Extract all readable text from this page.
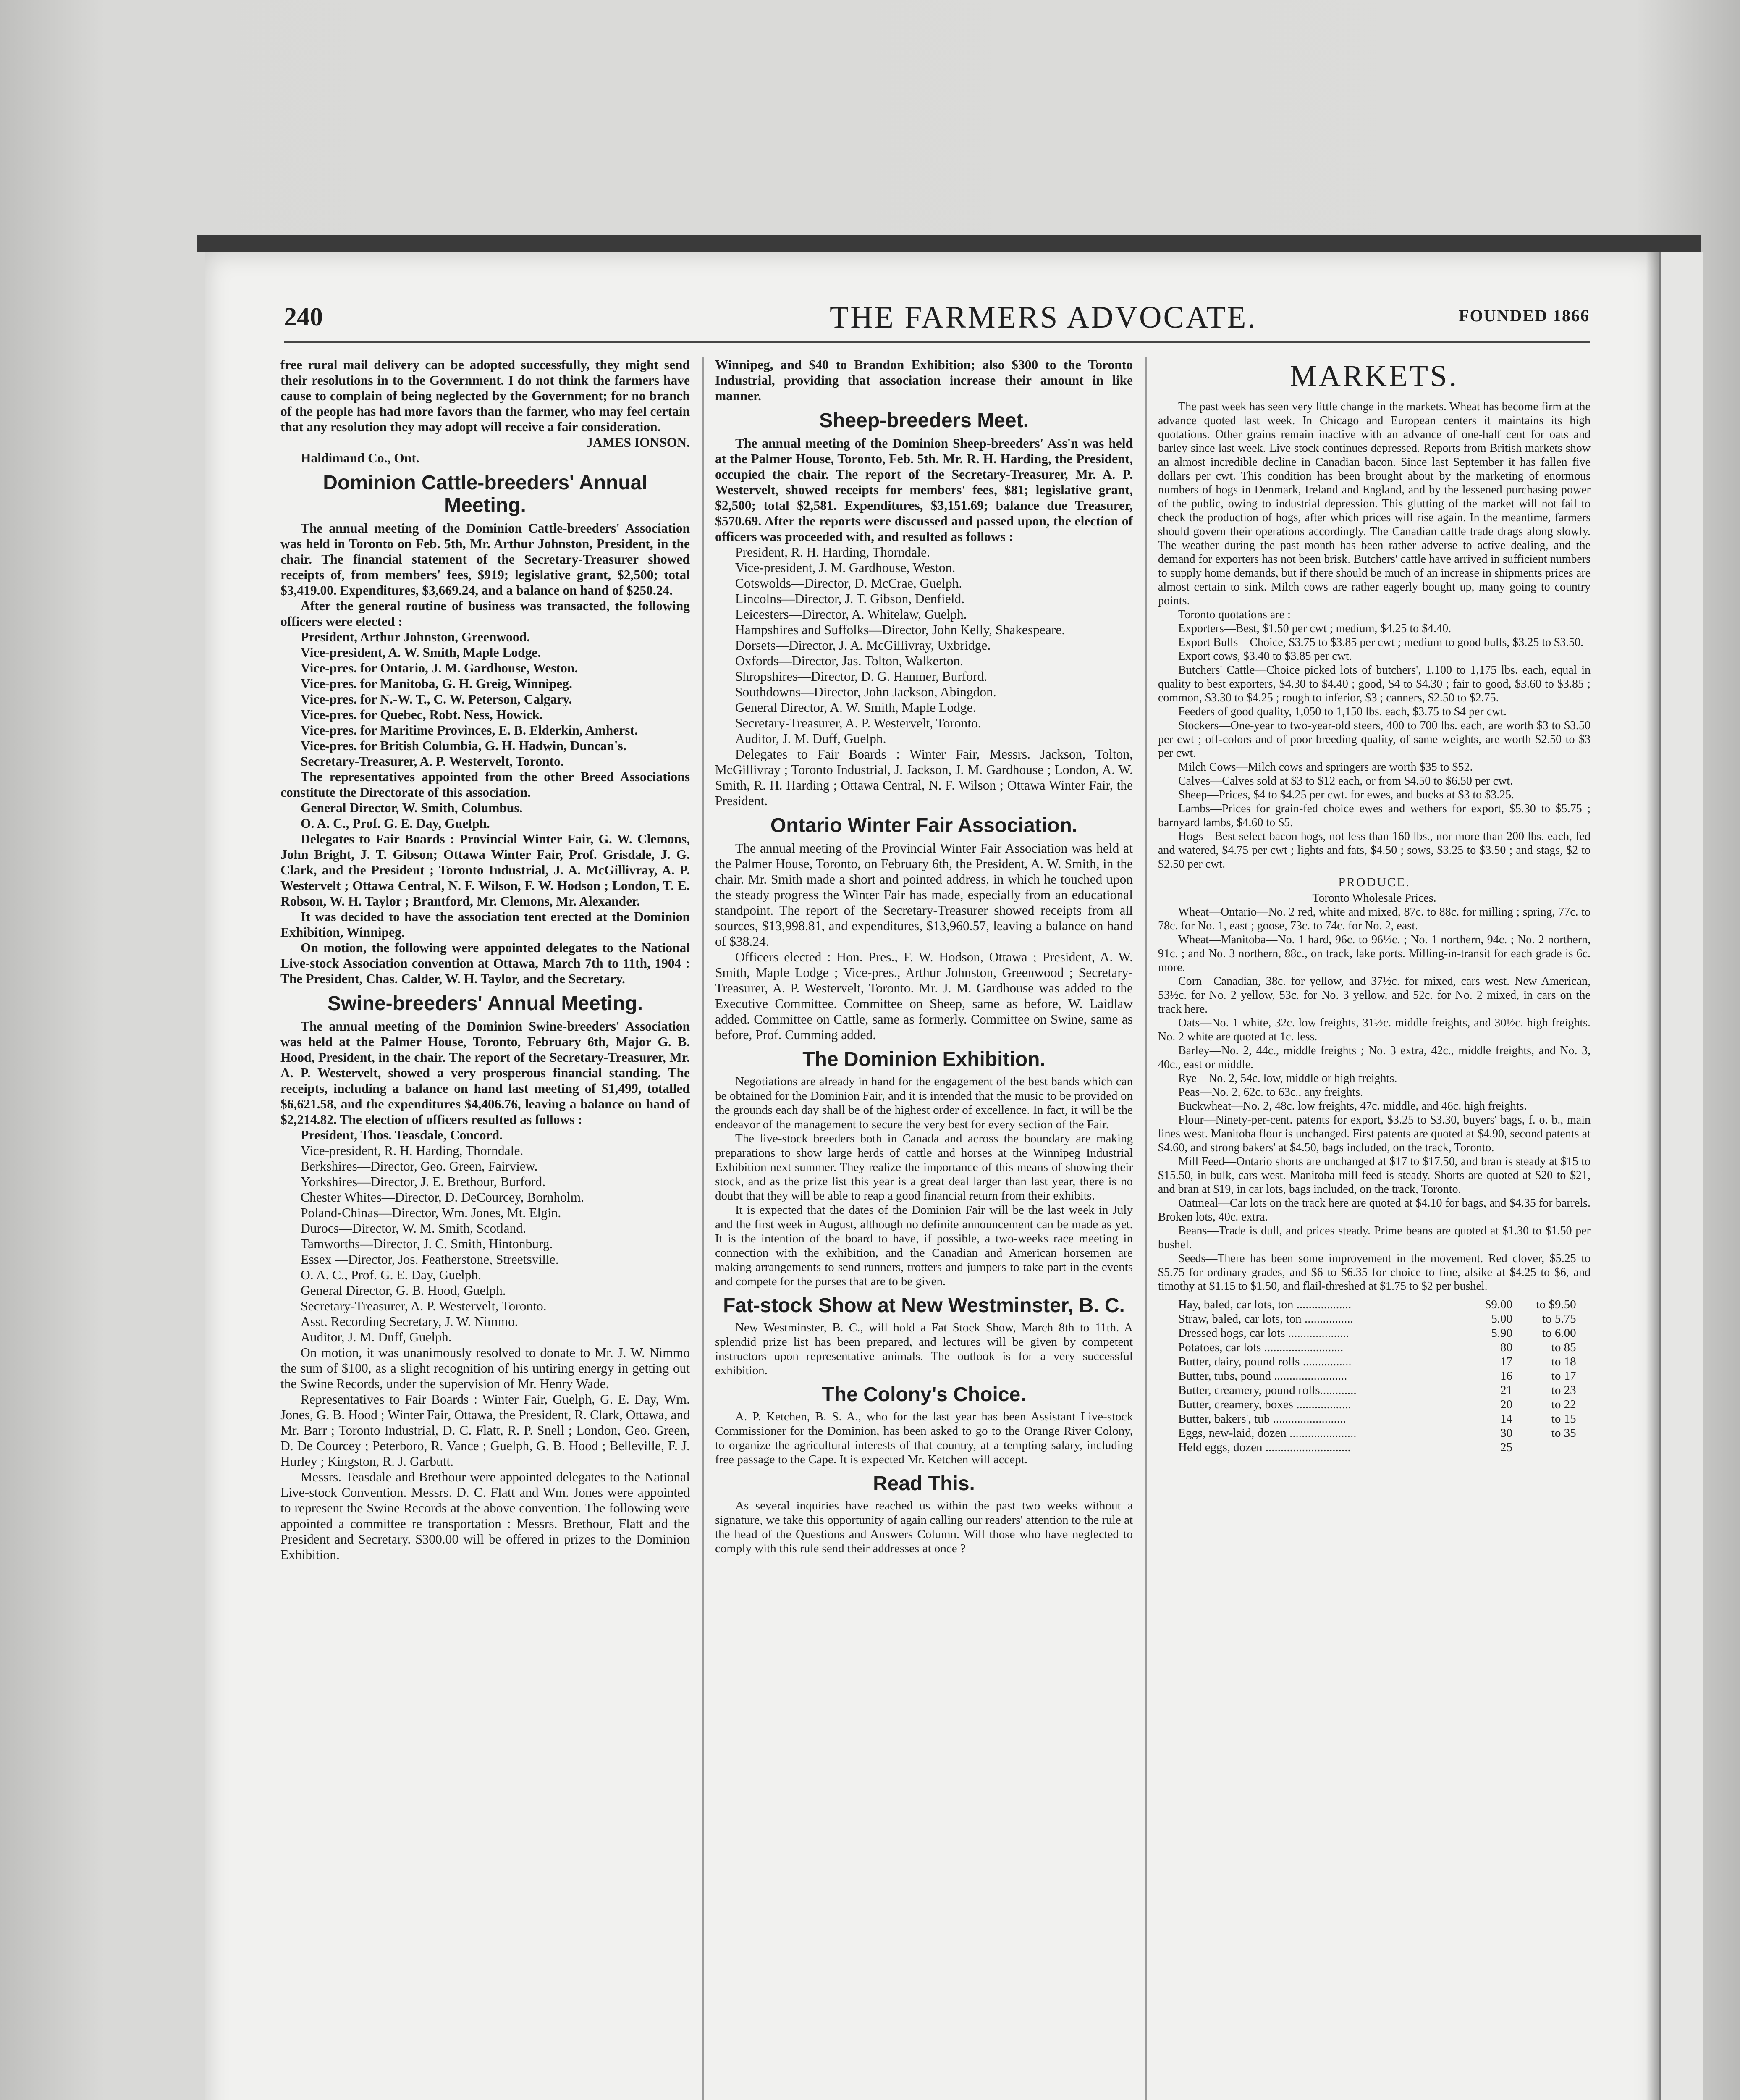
240	THE FARMERS ADVOCATE.	FOUNDED 1866

free rural mail delivery can be adopted successfully, they might send their resolutions in to the Government. I do not think the farmers have cause to complain of being neglected by the Government; for no branch of the people has had more favors than the farmer, who may feel certain that any resolution they may adopt will receive a fair consideration.

JAMES IONSON.

Haldimand Co., Ont.

Dominion Cattle-breeders' Annual Meeting.

The annual meeting of the Dominion Cattle-breeders' Association was held in Toronto on Feb. 5th, Mr. Arthur Johnston, President, in the chair. The financial statement of the Secretary-Treasurer showed receipts of, from members' fees, $919; legislative grant, $2,500; total $3,419.00. Expenditures, $3,669.24, and a balance on hand of $250.24.

After the general routine of business was transacted, the following officers were elected :

President, Arthur Johnston, Greenwood.

Vice-president, A. W. Smith, Maple Lodge.

Vice-pres. for Ontario, J. M. Gardhouse, Weston.

Vice-pres. for Manitoba, G. H. Greig, Winnipeg.

Vice-pres. for N.-W. T., C. W. Peterson, Calgary.

Vice-pres. for Quebec, Robt. Ness, Howick.

Vice-pres. for Maritime Provinces, E. B. Elderkin, Amherst.

Vice-pres. for British Columbia, G. H. Hadwin, Duncan's.

Secretary-Treasurer, A. P. Westervelt, Toronto.

The representatives appointed from the other Breed Associations constitute the Directorate of this association.

General Director, W. Smith, Columbus.

O. A. C., Prof. G. E. Day, Guelph.

Delegates to Fair Boards : Provincial Winter Fair, G. W. Clemons, John Bright, J. T. Gibson; Ottawa Winter Fair, Prof. Grisdale, J. G. Clark, and the President ; Toronto Industrial, J. A. McGillivray, A. P. Westervelt ; Ottawa Central, N. F. Wilson, F. W. Hodson ; London, T. E. Robson, W. H. Taylor ; Brantford, Mr. Clemons, Mr. Alexander.

It was decided to have the association tent erected at the Dominion Exhibition, Winnipeg.

On motion, the following were appointed delegates to the National Live-stock Association convention at Ottawa, March 7th to 11th, 1904 : The President, Chas. Calder, W. H. Taylor, and the Secretary.

Swine-breeders' Annual Meeting.

The annual meeting of the Dominion Swine-breeders' Association was held at the Palmer House, Toronto, February 6th, Major G. B. Hood, President, in the chair. The report of the Secretary-Treasurer, Mr. A. P. Westervelt, showed a very prosperous financial standing. The receipts, including a balance on hand last meeting of $1,499, totalled $6,621.58, and the expenditures $4,406.76, leaving a balance on hand of $2,214.82. The election of officers resulted as follows :

President, Thos. Teasdale, Concord.

Vice-president, R. H. Harding, Thorndale.

Berkshires—Director, Geo. Green, Fairview.

Yorkshires—Director, J. E. Brethour, Burford.

Chester Whites—Director, D. DeCourcey, Bornholm.

Poland-Chinas—Director, Wm. Jones, Mt. Elgin.

Durocs—Director, W. M. Smith, Scotland.

Tamworths—Director, J. C. Smith, Hintonburg.

Essex —Director, Jos. Featherstone, Streetsville.

O. A. C., Prof. G. E. Day, Guelph.

General Director, G. B. Hood, Guelph.

Secretary-Treasurer, A. P. Westervelt, Toronto.

Asst. Recording Secretary, J. W. Nimmo.

Auditor, J. M. Duff, Guelph.

On motion, it was unanimously resolved to donate to Mr. J. W. Nimmo the sum of $100, as a slight recognition of his untiring energy in getting out the Swine Records, under the supervision of Mr. Henry Wade.

Representatives to Fair Boards : Winter Fair, Guelph, G. E. Day, Wm. Jones, G. B. Hood ; Winter Fair, Ottawa, the President, R. Clark, Ottawa, and Mr. Barr ; Toronto Industrial, D. C. Flatt, R. P. Snell ; London, Geo. Green, D. De Courcey ; Peterboro, R. Vance ; Guelph, G. B. Hood ; Belleville, F. J. Hurley ; Kingston, R. J. Garbutt.

Messrs. Teasdale and Brethour were appointed delegates to the National Live-stock Convention. Messrs. D. C. Flatt and Wm. Jones were appointed to represent the Swine Records at the above convention. The following were appointed a committee re transportation : Messrs. Brethour, Flatt and the President and Secretary. $300.00 will be offered in prizes to the Dominion Exhibition.

Winnipeg, and $40 to Brandon Exhibition; also $300 to the Toronto Industrial, providing that association increase their amount in like manner.

Sheep-breeders Meet.

The annual meeting of the Dominion Sheep-breeders' Ass'n was held at the Palmer House, Toronto, Feb. 5th. Mr. R. H. Harding, the President, occupied the chair. The report of the Secretary-Treasurer, Mr. A. P. Westervelt, showed receipts for members' fees, $81; legislative grant, $2,500; total $2,581. Expenditures, $3,151.69; balance due Treasurer, $570.69. After the reports were discussed and passed upon, the election of officers was proceeded with, and resulted as follows :

President, R. H. Harding, Thorndale.

Vice-president, J. M. Gardhouse, Weston.

Cotswolds—Director, D. McCrae, Guelph.

Lincolns—Director, J. T. Gibson, Denfield.

Leicesters—Director, A. Whitelaw, Guelph.

Hampshires and Suffolks—Director, John Kelly, Shakespeare.

Dorsets—Director, J. A. McGillivray, Uxbridge.

Oxfords—Director, Jas. Tolton, Walkerton.

Shropshires—Director, D. G. Hanmer, Burford.

Southdowns—Director, John Jackson, Abingdon.

General Director, A. W. Smith, Maple Lodge.

Secretary-Treasurer, A. P. Westervelt, Toronto.

Auditor, J. M. Duff, Guelph.

Delegates to Fair Boards : Winter Fair, Messrs. Jackson, Tolton, McGillivray ; Toronto Industrial, J. Jackson, J. M. Gardhouse ; London, A. W. Smith, R. H. Harding ; Ottawa Central, N. F. Wilson ; Ottawa Winter Fair, the President.

Ontario Winter Fair Association.

The annual meeting of the Provincial Winter Fair Association was held at the Palmer House, Toronto, on February 6th, the President, A. W. Smith, in the chair. Mr. Smith made a short and pointed address, in which he touched upon the steady progress the Winter Fair has made, especially from an educational standpoint. The report of the Secretary-Treasurer showed receipts from all sources, $13,998.81, and expenditures, $13,960.57, leaving a balance on hand of $38.24.

Officers elected : Hon. Pres., F. W. Hodson, Ottawa ; President, A. W. Smith, Maple Lodge ; Vice-pres., Arthur Johnston, Greenwood ; Secretary-Treasurer, A. P. Westervelt, Toronto. Mr. J. M. Gardhouse was added to the Executive Committee. Committee on Sheep, same as before, W. Laidlaw added. Committee on Cattle, same as formerly. Committee on Swine, same as before, Prof. Cumming added.

The Dominion Exhibition.

Negotiations are already in hand for the engagement of the best bands which can be obtained for the Dominion Fair, and it is intended that the music to be provided on the grounds each day shall be of the highest order of excellence. In fact, it will be the endeavor of the management to secure the very best for every section of the Fair.

The live-stock breeders both in Canada and across the boundary are making preparations to show large herds of cattle and horses at the Winnipeg Industrial Exhibition next summer. They realize the importance of this means of showing their stock, and as the prize list this year is a great deal larger than last year, there is no doubt that they will be able to reap a good financial return from their exhibits.

It is expected that the dates of the Dominion Fair will be the last week in July and the first week in August, although no definite announcement can be made as yet. It is the intention of the board to have, if possible, a two-weeks race meeting in connection with the exhibition, and the Canadian and American horsemen are making arrangements to send runners, trotters and jumpers to take part in the events and compete for the purses that are to be given.

Fat-stock Show at New Westminster, B. C.

New Westminster, B. C., will hold a Fat Stock Show, March 8th to 11th. A splendid prize list has been prepared, and lectures will be given by competent instructors upon representative animals. The outlook is for a very successful exhibition.

The Colony's Choice.

A. P. Ketchen, B. S. A., who for the last year has been Assistant Live-stock Commissioner for the Dominion, has been asked to go to the Orange River Colony, to organize the agricultural interests of that country, at a tempting salary, including free passage to the Cape. It is expected Mr. Ketchen will accept.

Read This.

As several inquiries have reached us within the past two weeks without a signature, we take this opportunity of again calling our readers' attention to the rule at the head of the Questions and Answers Column. Will those who have neglected to comply with this rule send their addresses at once ?

MARKETS.

The past week has seen very little change in the markets. Wheat has become firm at the advance quoted last week. In Chicago and European centers it maintains its high quotations. Other grains remain inactive with an advance of one-half cent for oats and barley since last week. Live stock continues depressed. Reports from British markets show an almost incredible decline in Canadian bacon. Since last September it has fallen five dollars per cwt. This condition has been brought about by the marketing of enormous numbers of hogs in Denmark, Ireland and England, and by the lessened purchasing power of the public, owing to industrial depression. This glutting of the market will not fail to check the production of hogs, after which prices will rise again. In the meantime, farmers should govern their operations accordingly. The Canadian cattle trade drags along slowly. The weather during the past month has been rather adverse to active dealing, and the demand for exporters has not been brisk. Butchers' cattle have arrived in sufficient numbers to supply home demands, but if there should be much of an increase in shipments prices are almost certain to sink. Milch cows are rather eagerly bought up, many going to country points.

Toronto quotations are :

Exporters—Best, $1.50 per cwt ; medium, $4.25 to $4.40.

Export Bulls—Choice, $3.75 to $3.85 per cwt ; medium to good bulls, $3.25 to $3.50.

Export cows, $3.40 to $3.85 per cwt.

Butchers' Cattle—Choice picked lots of butchers', 1,100 to 1,175 lbs. each, equal in quality to best exporters, $4.30 to $4.40 ; good, $4 to $4.30 ; fair to good, $3.60 to $3.85 ; common, $3.30 to $4.25 ; rough to inferior, $3 ; canners, $2.50 to $2.75.

Feeders of good quality, 1,050 to 1,150 lbs. each, $3.75 to $4 per cwt.

Stockers—One-year to two-year-old steers, 400 to 700 lbs. each, are worth $3 to $3.50 per cwt ; off-colors and of poor breeding quality, of same weights, are worth $2.50 to $3 per cwt.

Milch Cows—Milch cows and springers are worth $35 to $52.

Calves—Calves sold at $3 to $12 each, or from $4.50 to $6.50 per cwt.

Sheep—Prices, $4 to $4.25 per cwt. for ewes, and bucks at $3 to $3.25.

Lambs—Prices for grain-fed choice ewes and wethers for export, $5.30 to $5.75 ; barnyard lambs, $4.60 to $5.

Hogs—Best select bacon hogs, not less than 160 lbs., nor more than 200 lbs. each, fed and watered, $4.75 per cwt ; lights and fats, $4.50 ; sows, $3.25 to $3.50 ; and stags, $2 to $2.50 per cwt.

PRODUCE.

Toronto Wholesale Prices.

Wheat—Ontario—No. 2 red, white and mixed, 87c. to 88c. for milling ; spring, 77c. to 78c. for No. 1, east ; goose, 73c. to 74c. for No. 2, east.

Wheat—Manitoba—No. 1 hard, 96c. to 96½c. ; No. 1 northern, 94c. ; No. 2 northern, 91c. ; and No. 3 northern, 88c., on track, lake ports. Milling-in-transit for each grade is 6c. more.

Corn—Canadian, 38c. for yellow, and 37½c. for mixed, cars west. New American, 53½c. for No. 2 yellow, 53c. for No. 3 yellow, and 52c. for No. 2 mixed, in cars on the track here.

Oats—No. 1 white, 32c. low freights, 31½c. middle freights, and 30½c. high freights. No. 2 white are quoted at 1c. less.

Barley—No. 2, 44c., middle freights ; No. 3 extra, 42c., middle freights, and No. 3, 40c., east or middle.

Rye—No. 2, 54c. low, middle or high freights.

Peas—No. 2, 62c. to 63c., any freights.

Buckwheat—No. 2, 48c. low freights, 47c. middle, and 46c. high freights.

Flour—Ninety-per-cent. patents for export, $3.25 to $3.30, buyers' bags, f. o. b., main lines west. Manitoba flour is unchanged. First patents are quoted at $4.90, second patents at $4.60, and strong bakers' at $4.50, bags included, on the track, Toronto.

Mill Feed—Ontario shorts are unchanged at $17 to $17.50, and bran is steady at $15 to $15.50, in bulk, cars west. Manitoba mill feed is steady. Shorts are quoted at $20 to $21, and bran at $19, in car lots, bags included, on the track, Toronto.

Oatmeal—Car lots on the track here are quoted at $4.10 for bags, and $4.35 for barrels. Broken lots, 40c. extra.

Beans—Trade is dull, and prices steady. Prime beans are quoted at $1.30 to $1.50 per bushel.

Seeds—There has been some improvement in the movement. Red clover, $5.25 to $5.75 for ordinary grades, and $6 to $6.35 for choice to fine, alsike at $4.25 to $6, and timothy at $1.15 to $1.50, and flail-threshed at $1.75 to $2 per bushel.

Hay, baled, car lots, ton ..................	$9.00	to $9.50
Straw, baled, car lots, ton ................	5.00	to 5.75
Dressed hogs, car lots ....................	5.90	to 6.00
Potatoes, car lots ..........................	80	to 85
Butter, dairy, pound rolls ................	17	to 18
Butter, tubs, pound ........................	16	to 17
Butter, creamery, pound rolls............	21	to 23
Butter, creamery, boxes ..................	20	to 22
Butter, bakers', tub ........................	14	to 15
Eggs, new-laid, dozen ......................	30	to 35
Held eggs, dozen ............................	25	
